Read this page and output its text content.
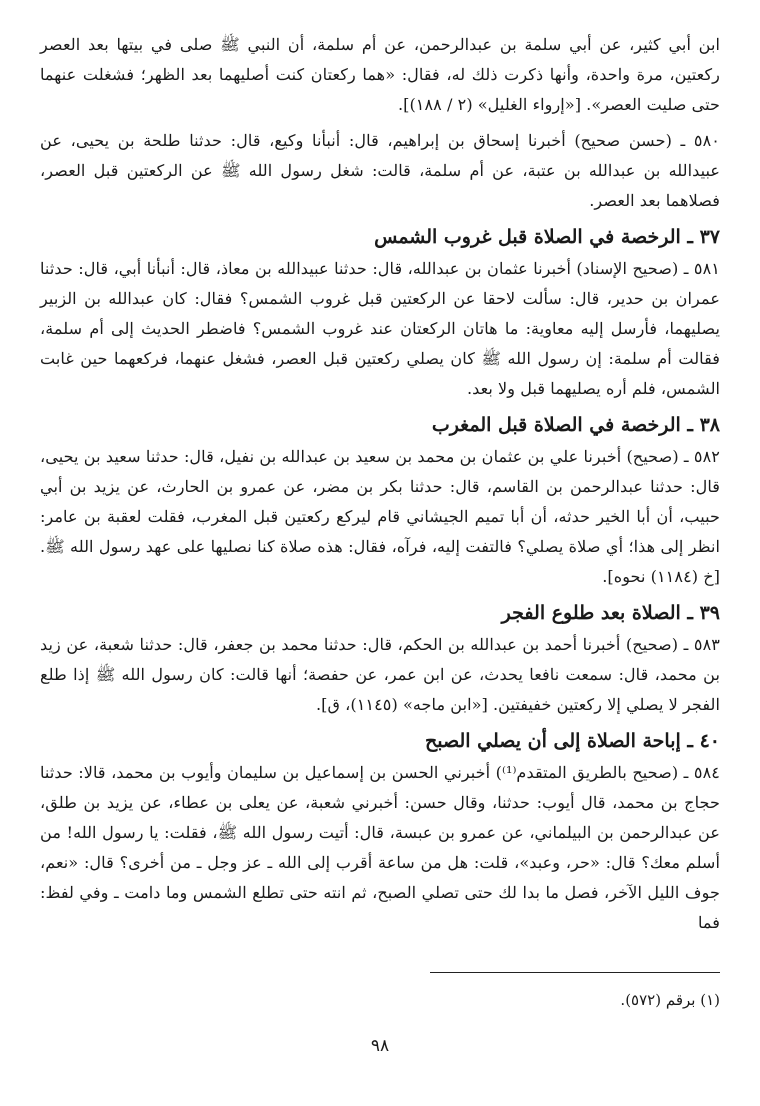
ابن أبي كثير، عن أبي سلمة بن عبدالرحمن، عن أم سلمة، أن النبي ﷺ صلى في بيتها بعد العصر ركعتين، مرة واحدة، وأنها ذكرت ذلك له، فقال: «هما ركعتان كنت أصليهما بعد الظهر؛ فشغلت عنهما حتى صليت العصر». [«إرواء الغليل» (٢ / ١٨٨)].

٥٨٠ ـ (حسن صحيح) أخبرنا إسحاق بن إبراهيم، قال: أنبأنا وكيع، قال: حدثنا طلحة بن يحيى، عن عبيدالله بن عبدالله بن عتبة، عن أم سلمة، قالت: شغل رسول الله ﷺ عن الركعتين قبل العصر، فصلاهما بعد العصر.

٣٧ ـ الرخصة في الصلاة قبل غروب الشمس

٥٨١ ـ (صحيح الإسناد) أخبرنا عثمان بن عبدالله، قال: حدثنا عبيدالله بن معاذ، قال: أنبأنا أبي، قال: حدثنا عمران بن حدير، قال: سألت لاحقا عن الركعتين قبل غروب الشمس؟ فقال: كان عبدالله بن الزبير يصليهما، فأرسل إليه معاوية: ما هاتان الركعتان عند غروب الشمس؟ فاضطر الحديث إلى أم سلمة، فقالت أم سلمة: إن رسول الله ﷺ كان يصلي ركعتين قبل العصر، فشغل عنهما، فركعهما حين غابت الشمس، فلم أره يصليهما قبل ولا بعد.

٣٨ ـ الرخصة في الصلاة قبل المغرب

٥٨٢ ـ (صحيح) أخبرنا علي بن عثمان بن محمد بن سعيد بن عبدالله بن نفيل، قال: حدثنا سعيد بن يحيى، قال: حدثنا عبدالرحمن بن القاسم، قال: حدثنا بكر بن مضر، عن عمرو بن الحارث، عن يزيد بن أبي حبيب، أن أبا الخير حدثه، أن أبا تميم الجيشاني قام ليركع ركعتين قبل المغرب، فقلت لعقبة بن عامر: انظر إلى هذا؛ أي صلاة يصلي؟ فالتفت إليه، فرآه، فقال: هذه صلاة كنا نصليها على عهد رسول الله ﷺ. [خ (١١٨٤) نحوه].

٣٩ ـ الصلاة بعد طلوع الفجر

٥٨٣ ـ (صحيح) أخبرنا أحمد بن عبدالله بن الحكم، قال: حدثنا محمد بن جعفر، قال: حدثنا شعبة، عن زيد بن محمد، قال: سمعت نافعا يحدث، عن ابن عمر، عن حفصة؛ أنها قالت: كان رسول الله ﷺ إذا طلع الفجر لا يصلي إلا ركعتين خفيفتين. [«ابن ماجه» (١١٤٥)، ق].

٤٠ ـ إباحة الصلاة إلى أن يصلي الصبح

٥٨٤ ـ (صحيح بالطريق المتقدم⁽¹⁾) أخبرني الحسن بن إسماعيل بن سليمان وأيوب بن محمد، قالا: حدثنا حجاج بن محمد، قال أيوب: حدثنا، وقال حسن: أخبرني شعبة، عن يعلى بن عطاء، عن يزيد بن طلق، عن عبدالرحمن بن البيلماني، عن عمرو بن عبسة، قال: أتيت رسول الله ﷺ، فقلت: يا رسول الله! من أسلم معك؟ قال: «حر، وعبد»، قلت: هل من ساعة أقرب إلى الله ـ عز وجل ـ من أخرى؟ قال: «نعم، جوف الليل الآخر، فصل ما بدا لك حتى تصلي الصبح، ثم انته حتى تطلع الشمس وما دامت ـ وفي لفظ: فما

(١) برقم (٥٧٢).
٩٨
